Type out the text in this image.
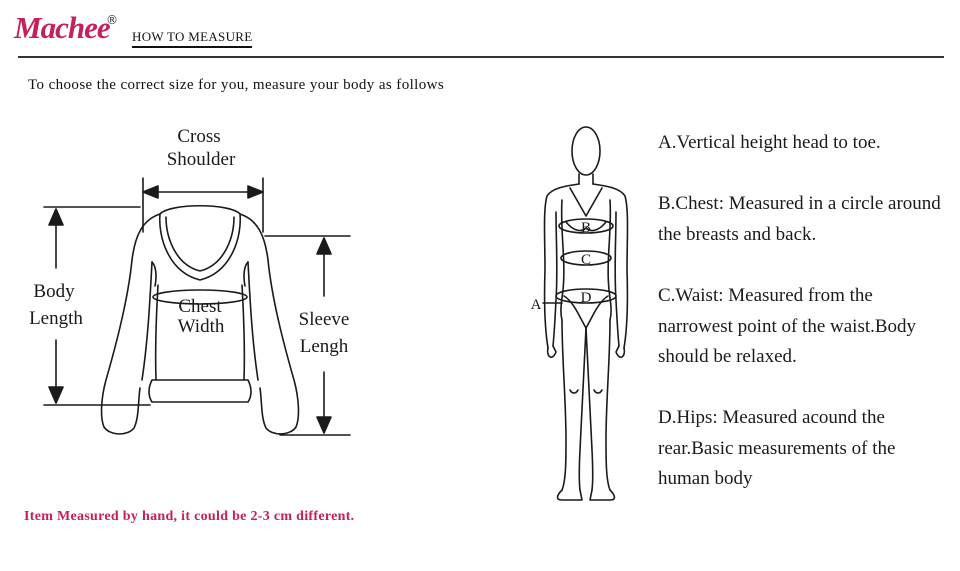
Machee
®
HOW TO MEASURE
To choose the correct size for you, measure your body as follows
Cross
Shoulder
Body
Length
Chest
Width	Sleeve
Lengh
A
B
C
D
A.Vertical height head to toe.
B.Chest: Measured in a circle around the breasts and back.
C.Waist: Measured from the narrowest point of the waist.Body should be relaxed.
D.Hips: Measured acound the rear.Basic measurements of the human body
Item Measured by hand, it could be 2-3 cm different.
